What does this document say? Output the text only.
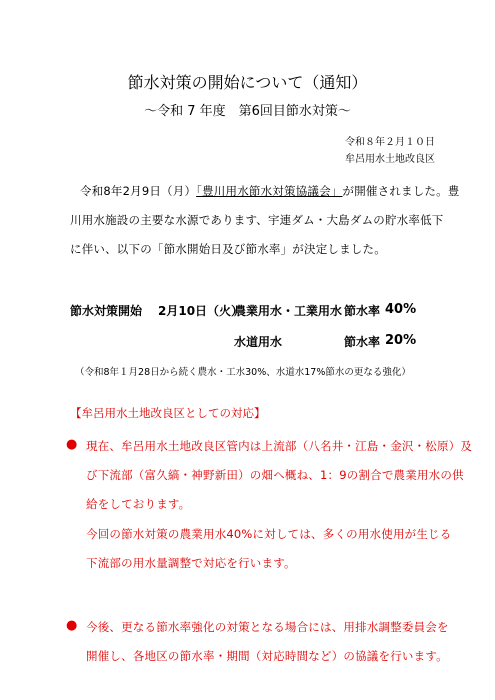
節水対策の開始について（通知）
～令和 7 年度　第6回目節水対策～
令和８年２月１０日
牟呂用水土地改良区
令和8年2月9日（月）「豊川用水節水対策協議会」が開催されました。豊
川用水施設の主要な水源であります、宇連ダム・大島ダムの貯水率低下
に伴い、以下の「節水開始日及び節水率」が決定しました。
節水対策開始 2月10日（火）
農業用水・工業用水 節水率 40%
水道用水	節水率 20%
（令和8年１月28日から続く農水・工水30%、水道水17%節水の更なる強化）
【牟呂用水土地改良区としての対応】
● 現在、牟呂用水土地改良区管内は上流部（八名井・江島・金沢・松原）及
び下流部（富久縞・神野新田）の畑へ概ね、1：9の割合で農業用水の供
給をしております。
今回の節水対策の農業用水40%に対しては、多くの用水使用が生じる
下流部の用水量調整で対応を行います。
● 今後、更なる節水率強化の対策となる場合には、用排水調整委員会を
開催し、各地区の節水率・期間（対応時間など）の協議を行います。
